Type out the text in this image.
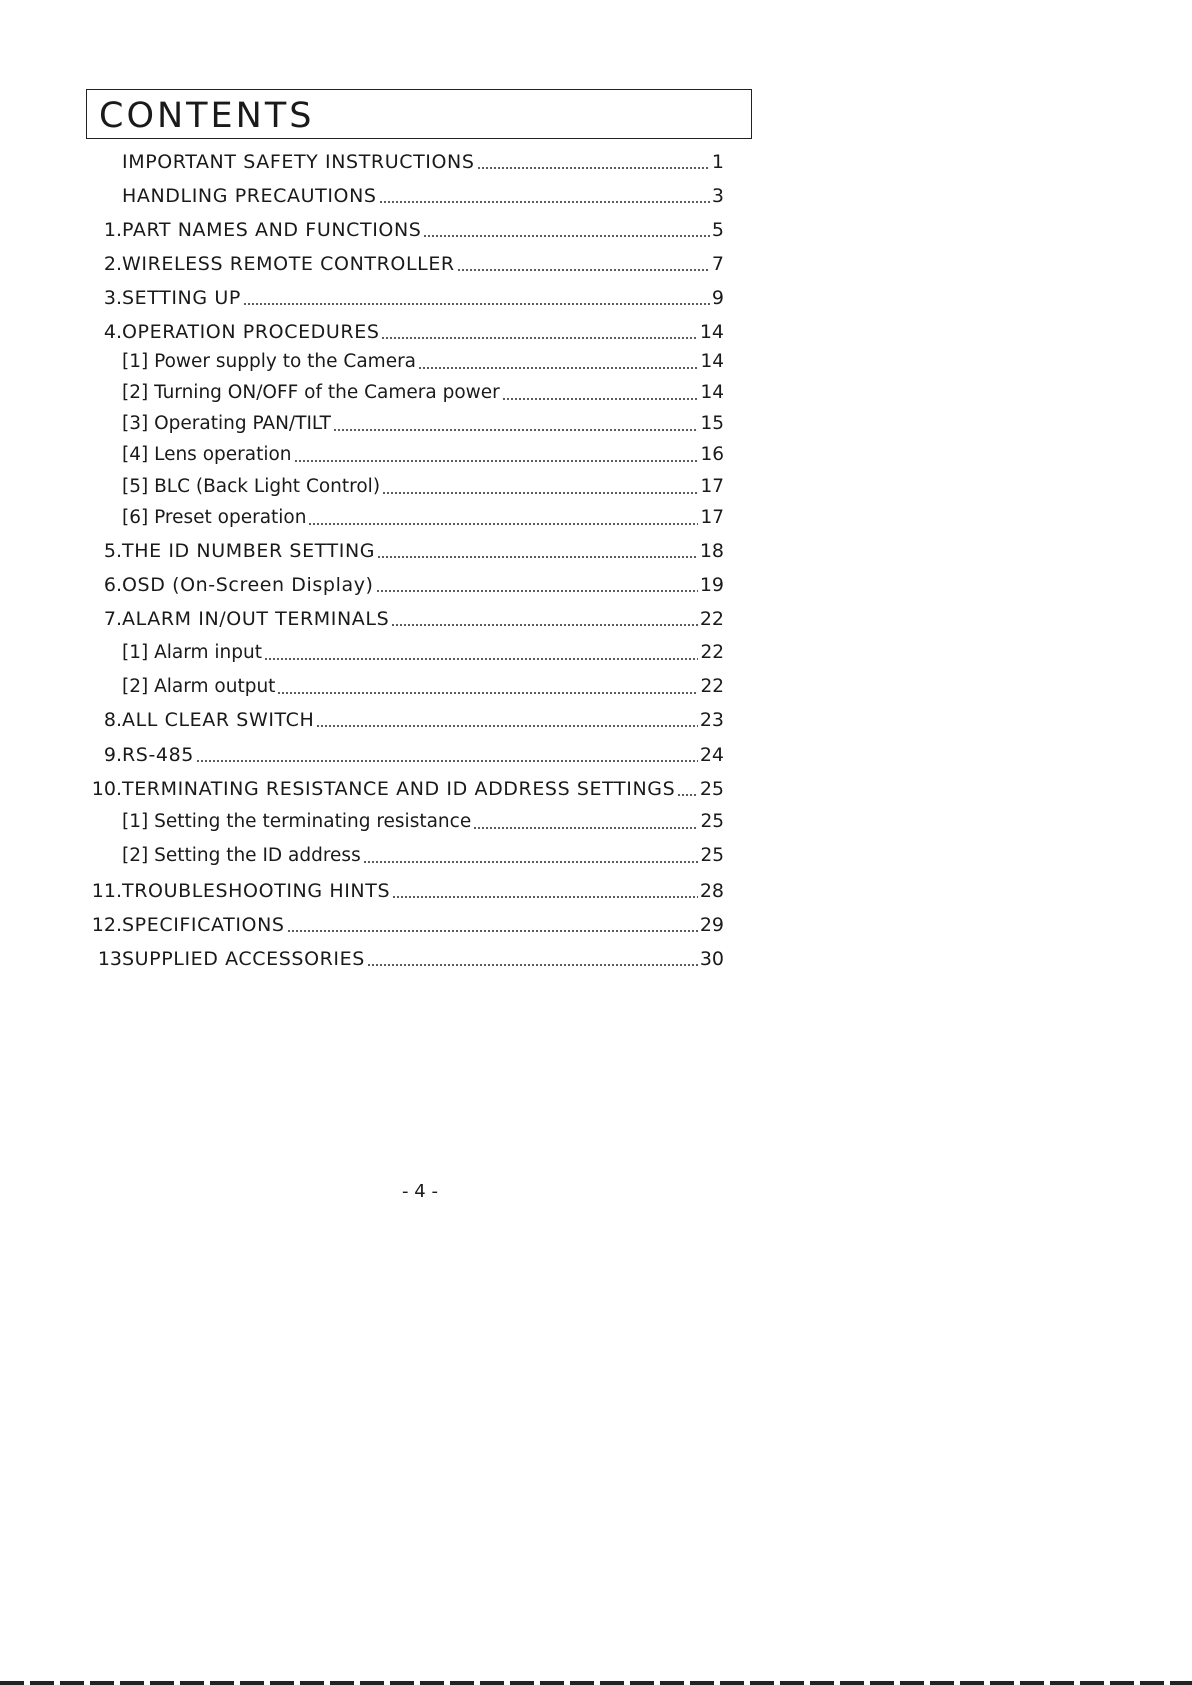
CONTENTS
IMPORTANT SAFETY INSTRUCTIONS	1
HANDLING PRECAUTIONS	3
1. PART NAMES AND FUNCTIONS	5
2. WIRELESS REMOTE CONTROLLER	7
3. SETTING UP	9
4. OPERATION PROCEDURES	14
[1] Power supply to the Camera	14
[2] Turning ON/OFF of the Camera power	14
[3] Operating PAN/TILT	15
[4] Lens operation	16
[5] BLC (Back Light Control)	17
[6] Preset operation	17
5. THE ID NUMBER SETTING	18
6. OSD (On-Screen Display)	19
7. ALARM IN/OUT TERMINALS	22
[1] Alarm input	22
[2] Alarm output	22
8. ALL CLEAR SWITCH	23
9. RS-485	24
10. TERMINATING RESISTANCE AND ID ADDRESS SETTINGS 25
[1] Setting the terminating resistance	25
[2] Setting the ID address	25
11. TROUBLESHOOTING HINTS	28
12. SPECIFICATIONS	29
13 SUPPLIED ACCESSORIES	30
- 4 -
